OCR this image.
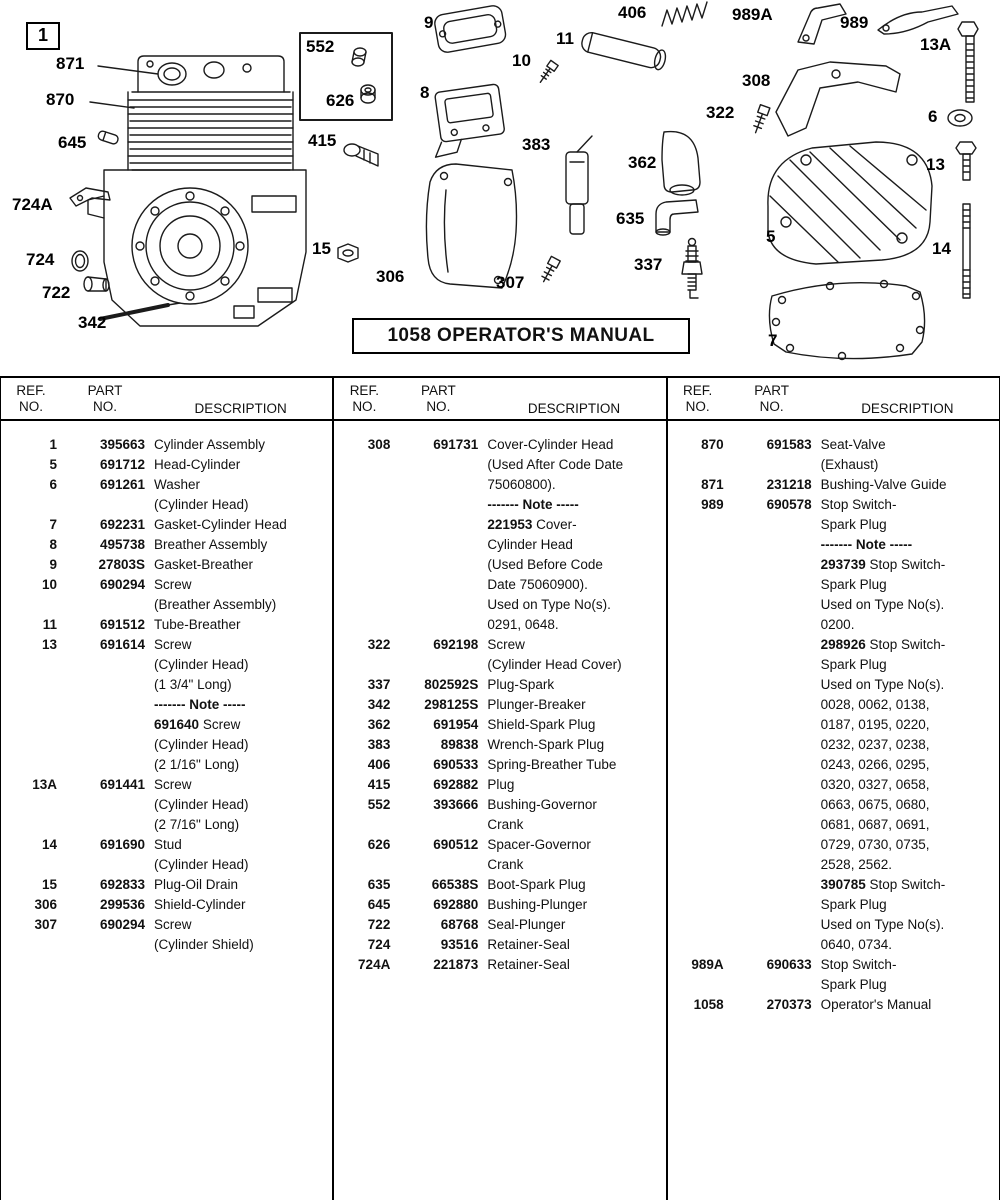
1
871
870
645
724A
724
722
342
552
626
415
15
306	307
9
10
8
11
383
362
635
337
406
322
308
989A	989
13A
6
13
5
14
7
1058 OPERATOR'S MANUAL
REF.
NO.
PART
NO.	DESCRIPTION
1	395663 Cylinder Assembly
5	691712 Head-Cylinder
6	691261 Washer
(Cylinder Head)
7	692231 Gasket-Cylinder Head
8	495738 Breather Assembly
9	27803S Gasket-Breather
10	690294 Screw
(Breather Assembly)
11	691512 Tube-Breather
13	691614 Screw
(Cylinder Head)
(1 3/4" Long)
------- Note -----
691640 Screw
(Cylinder Head)
(2 1/16" Long)
13A	691441 Screw
(Cylinder Head)
(2 7/16" Long)
14	691690 Stud
(Cylinder Head)
15	692833 Plug-Oil Drain
306	299536 Shield-Cylinder
307	690294 Screw
(Cylinder Shield)
REF.
NO.
PART
NO.	DESCRIPTION
308	691731 Cover-Cylinder Head
(Used After Code Date
75060800).
------- Note -----
221953 Cover-
Cylinder Head
(Used Before Code
Date 75060900).
Used on Type No(s).
0291, 0648.
322	692198 Screw
(Cylinder Head Cover)
337	802592S Plug-Spark
342	298125S Plunger-Breaker
362	691954 Shield-Spark Plug
383	89838 Wrench-Spark Plug
406	690533 Spring-Breather Tube
415	692882 Plug
552	393666 Bushing-Governor
Crank
626	690512 Spacer-Governor
Crank
635	66538S Boot-Spark Plug
645	692880 Bushing-Plunger
722	68768 Seal-Plunger
724	93516 Retainer-Seal
724A	221873 Retainer-Seal
REF.
NO.
PART
NO.	DESCRIPTION
870	691583 Seat-Valve
(Exhaust)
871	231218 Bushing-Valve Guide
989	690578 Stop Switch-
Spark Plug
------- Note -----
293739 Stop Switch-
Spark Plug
Used on Type No(s).
0200.
298926 Stop Switch-
Spark Plug
Used on Type No(s).
0028, 0062, 0138,
0187, 0195, 0220,
0232, 0237, 0238,
0243, 0266, 0295,
0320, 0327, 0658,
0663, 0675, 0680,
0681, 0687, 0691,
0729, 0730, 0735,
2528, 2562.
390785 Stop Switch-
Spark Plug
Used on Type No(s).
0640, 0734.
989A	690633 Stop Switch-
Spark Plug
1058	270373 Operator's Manual
